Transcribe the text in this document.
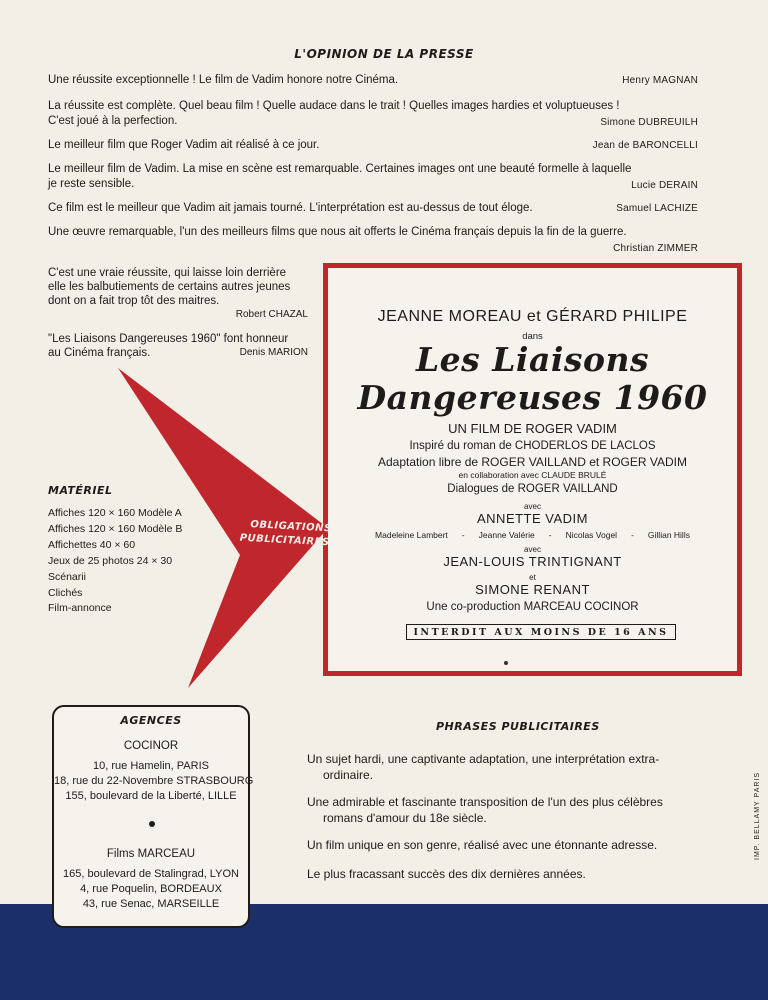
L'OPINION DE LA PRESSE
Une réussite exceptionnelle ! Le film de Vadim honore notre Cinéma.	Henry MAGNAN
La réussite est complète. Quel beau film ! Quelle audace dans le trait ! Quelles images hardies et voluptueuses !
C'est joué à la perfection.	Simone DUBREUILH
Le meilleur film que Roger Vadim ait réalisé à ce jour.	Jean de BARONCELLI
Le meilleur film de Vadim. La mise en scène est remarquable. Certaines images ont une beauté formelle à laquelle
je reste sensible.	Lucie DERAIN
Ce film est le meilleur que Vadim ait jamais tourné. L'interprétation est au-dessus de tout éloge.	Samuel LACHIZE
Une œuvre remarquable, l'un des meilleurs films que nous ait offerts le Cinéma français depuis la fin de la guerre.

Christian ZIMMER
C'est une vraie réussite, qui laisse loin derrière
elle les balbutiements de certains autres jeunes
dont on a fait trop tôt des maitres.
Robert CHAZAL
"Les Liaisons Dangereuses 1960" font honneur
au Cinéma français.	Denis MARION
OBLIGATIONS
PUBLICITAIRES
JEANNE MOREAU et GÉRARD PHILIPE
dans
Les Liaisons
Dangereuses 1960
UN FILM DE ROGER VADIM
Inspiré du roman de CHODERLOS DE LACLOS
Adaptation libre de ROGER VAILLAND et ROGER VADIM
en collaboration avec CLAUDE BRULÉ
Dialogues de ROGER VAILLAND
avec
ANNETTE VADIM
Madeleine Lambert - Jeanne Valérie - Nicolas Vogel - Gillian Hills
avec
JEAN-LOUIS TRINTIGNANT
et
SIMONE RENANT
Une co-production MARCEAU COCINOR
INTERDIT AUX MOINS DE 16 ANS
MATÉRIEL
Affiches 120 × 160 Modèle A
Affiches 120 × 160 Modèle B
Affichettes 40 × 60
Jeux de 25 photos 24 × 30
Scénarii
Clichés
Film-annonce
AGENCES
COCINOR
10, rue Hamelin, PARIS
18, rue du 22-Novembre STRASBOURG
155, boulevard de la Liberté, LILLE
Films MARCEAU
165, boulevard de Stalingrad, LYON
4, rue Poquelin, BORDEAUX
43, rue Senac, MARSEILLE
PHRASES PUBLICITAIRES
Un sujet hardi, une captivante adaptation, une interprétation extra-
ordinaire.
Une admirable et fascinante transposition de l'un des plus célèbres
romans d'amour du 18e siècle.
Un film unique en son genre, réalisé avec une étonnante adresse.
Le plus fracassant succès des dix dernières années.
IMP. BELLAMY PARIS
